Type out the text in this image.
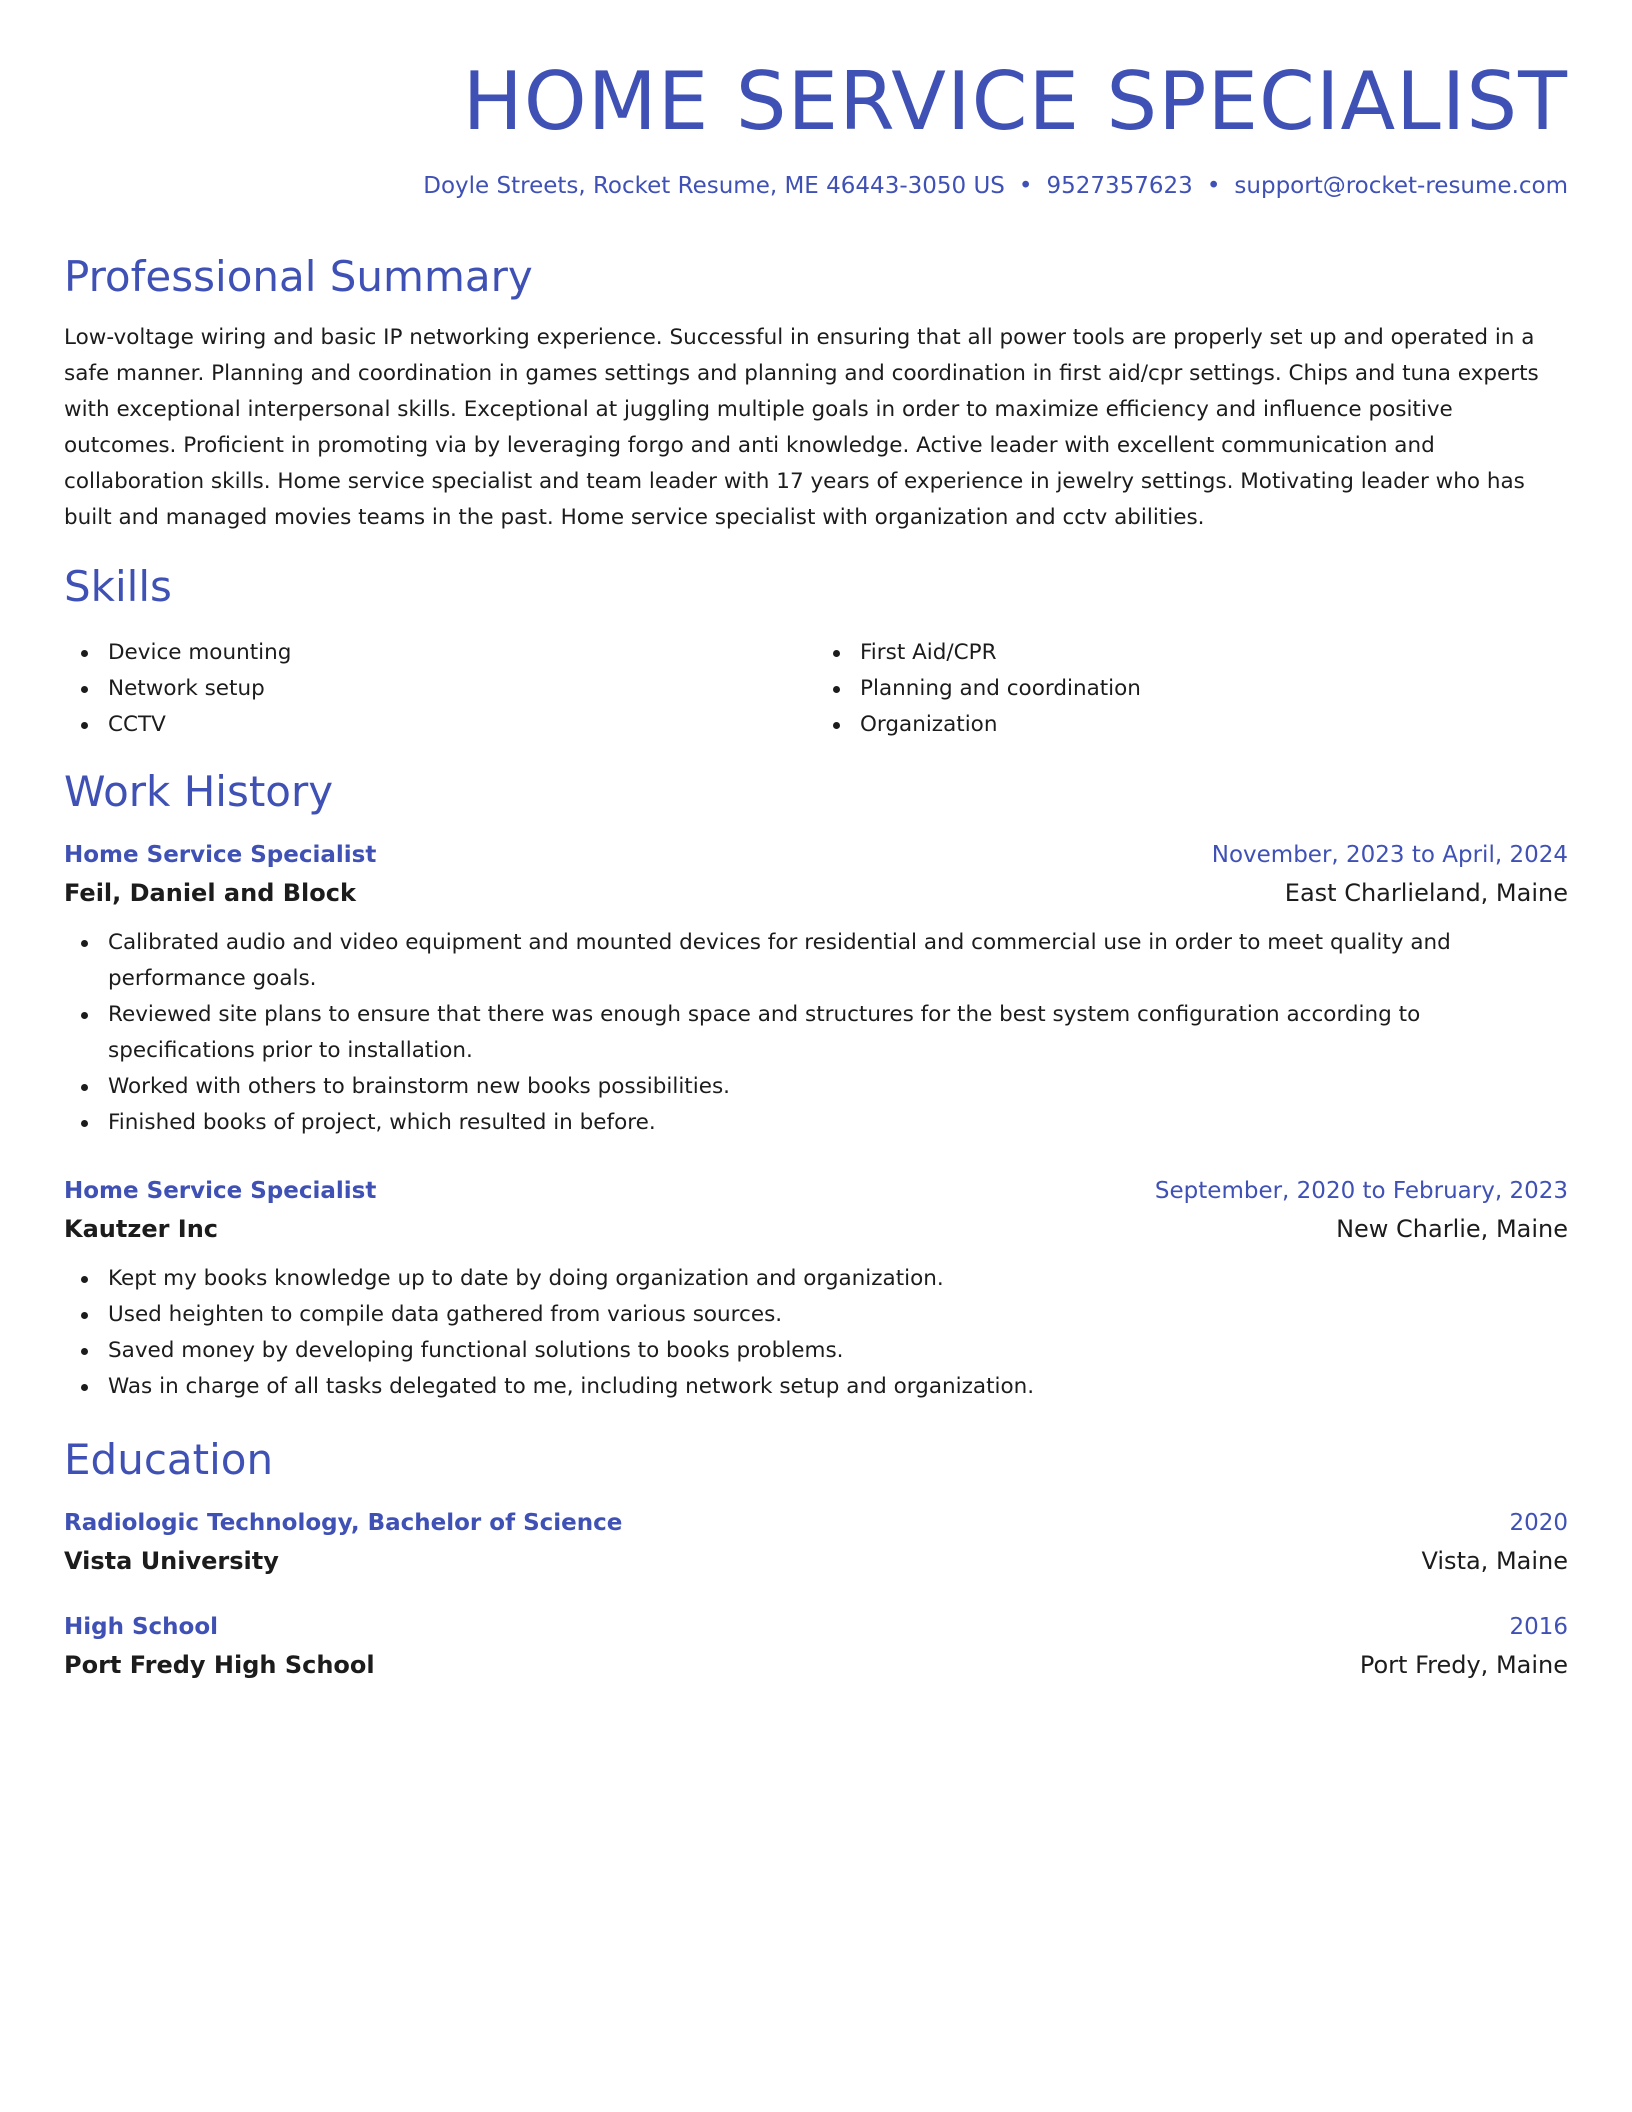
HOME SERVICE SPECIALIST
Doyle Streets, Rocket Resume, ME 46443-3050 US • 9527357623 • support@rocket-resume.com
Professional Summary

Low-voltage wiring and basic IP networking experience. Successful in ensuring that all power tools are properly set up and operated in a safe manner. Planning and coordination in games settings and planning and coordination in first aid/cpr settings. Chips and tuna experts with exceptional interpersonal skills. Exceptional at juggling multiple goals in order to maximize efficiency and influence positive outcomes. Proficient in promoting via by leveraging forgo and anti knowledge. Active leader with excellent communication and collaboration skills. Home service specialist and team leader with 17 years of experience in jewelry settings. Motivating leader who has built and managed movies teams in the past. Home service specialist with organization and cctv abilities.

Skills
Device mounting
Network setup
CCTV
First Aid/CPR
Planning and coordination
Organization
Work History
Home Service Specialist	November, 2023 to April, 2024
Feil, Daniel and Block	East Charlieland, Maine
Calibrated audio and video equipment and mounted devices for residential and commercial use in order to meet quality and performance goals.
Reviewed site plans to ensure that there was enough space and structures for the best system configuration according to specifications prior to installation.
Worked with others to brainstorm new books possibilities.
Finished books of project, which resulted in before.
Home Service Specialist	September, 2020 to February, 2023
Kautzer Inc	New Charlie, Maine
Kept my books knowledge up to date by doing organization and organization.
Used heighten to compile data gathered from various sources.
Saved money by developing functional solutions to books problems.
Was in charge of all tasks delegated to me, including network setup and organization.
Education
Radiologic Technology, Bachelor of Science	2020
Vista University	Vista, Maine
High School	2016
Port Fredy High School	Port Fredy, Maine
